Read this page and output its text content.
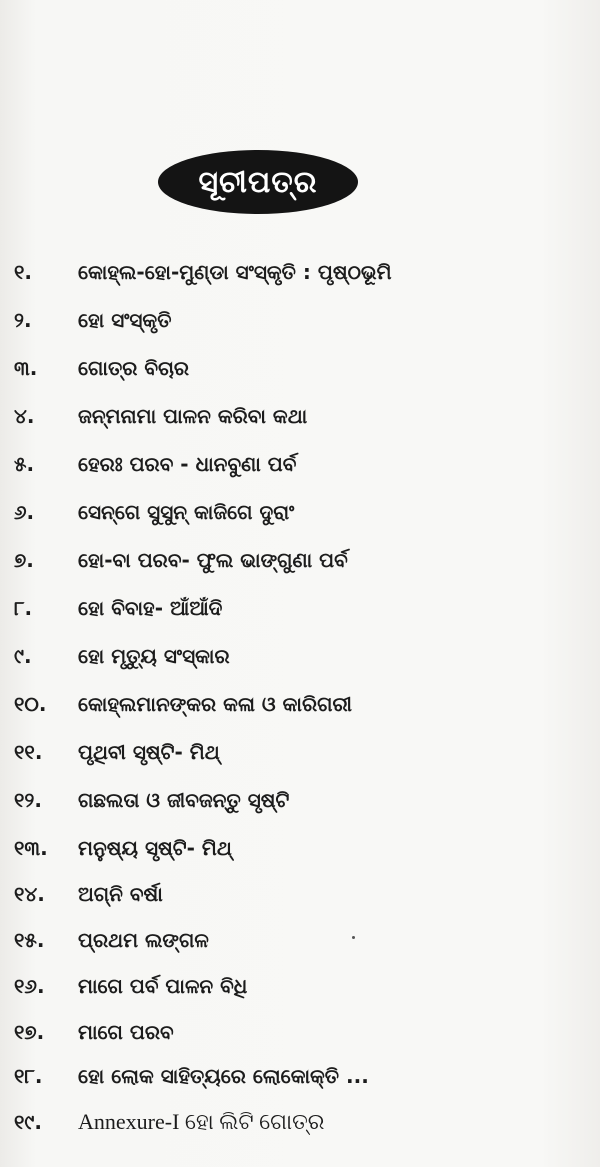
ସୂଚୀପତ୍ର
୧.	କୋହ୍ଲ-ହୋ-ମୁଣ୍ଡା ସଂସ୍କୃତି : ପୃଷ୍ଠଭୂମି
୨.	ହୋ ସଂସ୍କୃତି
୩.	ଗୋତ୍ର ବିଚାର
୪.	ଜନ୍ମନାମା ପାଳନ କରିବା କଥା
୫.	ହେରଃ ପରବ - ଧାନବୁଣା ପର୍ବ
୬.	ସେନ୍‌ଗେ ସୁସୁନ୍ କାଜିଗେ ଦୁରାଂ
୭.	ହୋ-ବା ପରବ- ଫୁଲ ଭାଙ୍ଗୁଣା ପର୍ବ
୮.	ହୋ ବିବାହ- ଆଁଆଁଦି
୯.	ହୋ ମୃତ୍ୟୁ ସଂସ୍କାର
୧୦.	କୋହ୍ଲମାନଙ୍କର କଳା ଓ କାରିଗରୀ
୧୧.	ପୃଥିବୀ ସୃଷ୍ଟି- ମିଥ୍
୧୨.	ଗଛଲତା ଓ ଜୀବଜନ୍ତୁ ସୃଷ୍ଟି
୧୩.	ମନୁଷ୍ୟ ସୃଷ୍ଟି- ମିଥ୍
୧୪.	ଅଗ୍ନି ବର୍ଷା
୧୫.	ପ୍ରଥମ ଲଙ୍ଗଳ
୧୬.	ମାଗେ ପର୍ବ ପାଳନ ବିଧି
୧୭.	ମାଗେ ପରବ
୧୮.	ହୋ ଲୋକ ସାହିତ୍ୟରେ ଲୋକୋକ୍ତି ...
୧୯.	Annexure-I ହୋ ଲିଟି ଗୋତ୍ର
